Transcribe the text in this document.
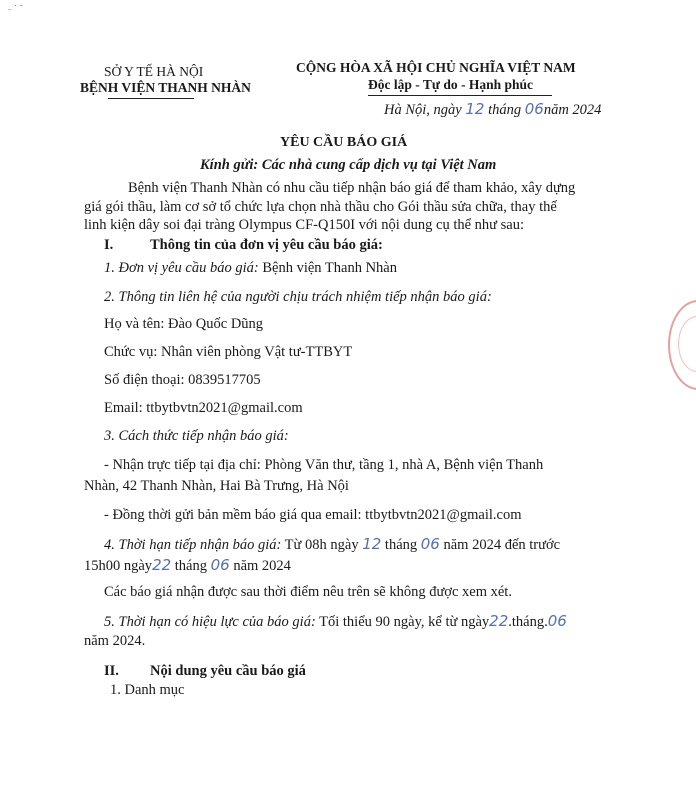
˗ ˙ ˉ
SỞ Y TẾ HÀ NỘI
BỆNH VIỆN THANH NHÀN
CỘNG HÒA XÃ HỘI CHỦ NGHĨA VIỆT NAM
Độc lập - Tự do - Hạnh phúc
Hà Nội, ngày 12 tháng 06năm 2024
YÊU CẦU BÁO GIÁ
Kính gửi: Các nhà cung cấp dịch vụ tại Việt Nam
Bệnh viện Thanh Nhàn có nhu cầu tiếp nhận báo giá để tham khảo, xây dựng
giá gói thầu, làm cơ sở tổ chức lựa chọn nhà thầu cho Gói thầu sửa chữa, thay thế
linh kiện dây soi đại tràng Olympus CF-Q150I với nội dung cụ thể như sau:
I.	Thông tin của đơn vị yêu cầu báo giá:
1. Đơn vị yêu cầu báo giá: Bệnh viện Thanh Nhàn
2. Thông tin liên hệ của người chịu trách nhiệm tiếp nhận báo giá:
Họ và tên: Đào Quốc Dũng
Chức vụ: Nhân viên phòng Vật tư-TTBYT
Số điện thoại: 0839517705
Email: ttbytbvtn2021@gmail.com
3. Cách thức tiếp nhận báo giá:
- Nhận trực tiếp tại địa chỉ: Phòng Văn thư, tầng 1, nhà A, Bệnh viện Thanh
Nhàn, 42 Thanh Nhàn, Hai Bà Trưng, Hà Nội
- Đồng thời gửi bản mềm báo giá qua email: ttbytbvtn2021@gmail.com
4. Thời hạn tiếp nhận báo giá: Từ 08h ngày 12 tháng 06 năm 2024 đến trước
15h00 ngày22 tháng 06 năm 2024
Các báo giá nhận được sau thời điểm nêu trên sẽ không được xem xét.
5. Thời hạn có hiệu lực của báo giá: Tối thiểu 90 ngày, kể từ ngày22.tháng.06
năm 2024.
II. Nội dung yêu cầu báo giá
1. Danh mục
